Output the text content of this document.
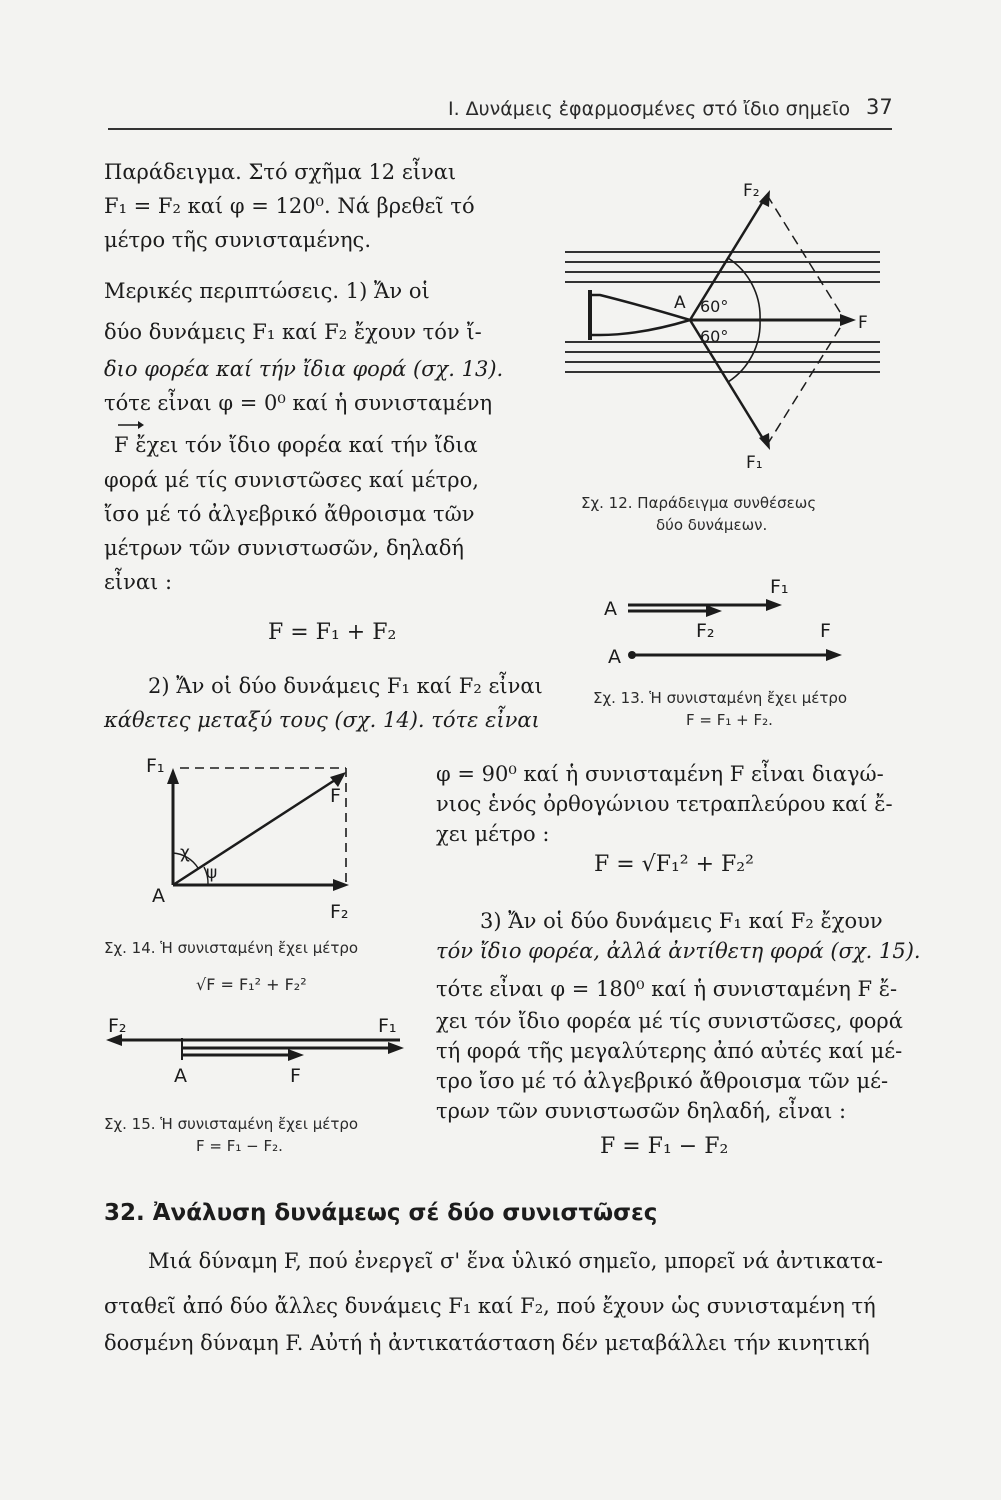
I. Δυνάμεις ἐφαρμοσμένες στό ἴδιο σημεῖο 37
Παράδειγμα. Στό σχῆμα 12 εἶναι
F₁ = F₂ καί φ = 120⁰. Νά βρεθεῖ τό
μέτρο τῆς συνισταμένης.
Μερικές περιπτώσεις. 1) Ἄν οἱ
δύο δυνάμεις F₁ καί F₂ ἔχουν τόν ἴ-
διο φορέα καί τήν ἴδια φορά (σχ. 13).
τότε εἶναι φ = 0⁰ καί ἡ συνισταμένη
F ἔχει τόν ἴδιο φορέα καί τήν ἴδια
φορά μέ τίς συνιστῶσες καί μέτρο,
ἴσο μέ τό ἀλγεβρικό ἄθροισμα τῶν
μέτρων τῶν συνιστωσῶν, δηλαδή
εἶναι :
F = F₁ + F₂
2) Ἄν οἱ δύο δυνάμεις F₁ καί F₂ εἶναι
κάθετες μεταξύ τους (σχ. 14). τότε εἶναι
φ = 90⁰ καί ἡ συνισταμένη F εἶναι διαγώ-
νιος ἑνός ὀρθογώνιου τετραπλεύρου καί ἔ-
χει μέτρο :
F = √F₁² + F₂²
3) Ἄν οἱ δύο δυνάμεις F₁ καί F₂ ἔχουν
τόν ἴδιο φορέα, ἀλλά ἀντίθετη φορά (σχ. 15).
τότε εἶναι φ = 180⁰ καί ἡ συνισταμένη F ἔ-
χει τόν ἴδιο φορέα μέ τίς συνιστῶσες, φορά
τή φορά τῆς μεγαλύτερης ἀπό αὐτές καί μέ-
τρο ἴσο μέ τό ἀλγεβρικό ἄθροισμα τῶν μέ-
τρων τῶν συνιστωσῶν δηλαδή, εἶναι :
F = F₁ − F₂
F₂
A 60°
60°
F
F₁
Σχ. 12. Παράδειγμα συνθέσεως
δύο δυνάμεων.
A
F₁
F₂	F
A
Σχ. 13. Ἡ συνισταμένη ἔχει μέτρο
F = F₁ + F₂.
F₁
F
χ
ψ
A
F₂
Σχ. 14. Ἡ συνισταμένη ἔχει μέτρο
√F = F₁² + F₂²
F₂	F₁
A	F
Σχ. 15. Ἡ συνισταμένη ἔχει μέτρο
F = F₁ − F₂.
32. Ἀνάλυση δυνάμεως σέ δύο συνιστῶσες
Μιά δύναμη F, πού ἐνεργεῖ σ' ἕνα ὑλικό σημεῖο, μπορεῖ νά ἀντικατα-
σταθεῖ ἀπό δύο ἄλλες δυνάμεις F₁ καί F₂, πού ἔχουν ὡς συνισταμένη τή
δοσμένη δύναμη F. Αὐτή ἡ ἀντικατάσταση δέν μεταβάλλει τήν κινητική
